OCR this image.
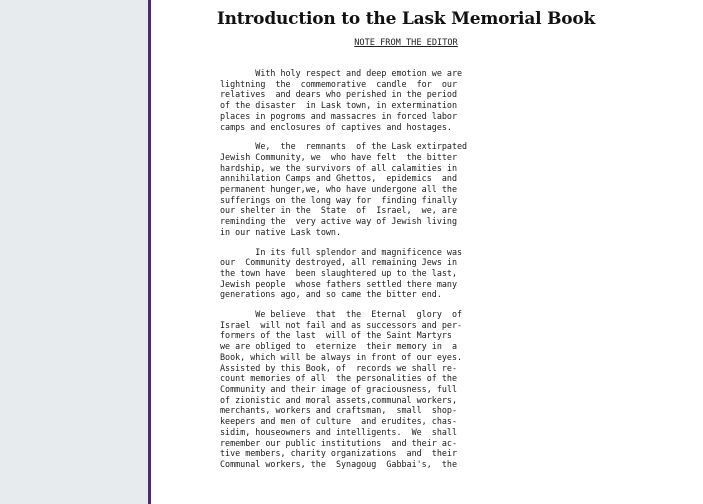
Introduction to the Lask Memorial Book

NOTE FROM THE EDITOR

With holy respect and deep emotion we are
lightning  the  commemorative  candle  for  our
relatives  and dears who perished in the period
of the disaster  in Lask town, in extermination
places in pogroms and massacres in forced labor
camps and enclosures of captives and hostages.

We,  the  remnants  of the Lask extirpated
Jewish Community, we  who have felt  the bitter
hardship, we the survivors of all calamities in
annihilation Camps and Ghettos,  epidemics  and
permanent hunger,we, who have undergone all the
sufferings on the long way for  finding finally
our shelter in the  State  of  Israel,  we, are
reminding the  very active way of Jewish living
in our native Lask town.

In its full splendor and magnificence was
our  Community destroyed, all remaining Jews in
the town have  been slaughtered up to the last,
Jewish people  whose fathers settled there many
generations ago, and so came the bitter end.

We believe  that  the  Eternal  glory  of
Israel  will not fail and as successors and per-
formers of the last  will of the Saint Martyrs
we are obliged to  eternize  their memory in  a
Book, which will be always in front of our eyes.
Assisted by this Book, of  records we shall re-
count memories of all  the personalities of the
Community and their image of graciousness, full
of zionistic and moral assets,communal workers,
merchants, workers and craftsman,  small  shop-
keepers and men of culture  and erudites, chas-
sidim, houseowners and intelligents.  We  shall
remember our public institutions  and their ac-
tive members, charity organizations  and  their
Communal workers, the  Synagoug  Gabbai's,  the
